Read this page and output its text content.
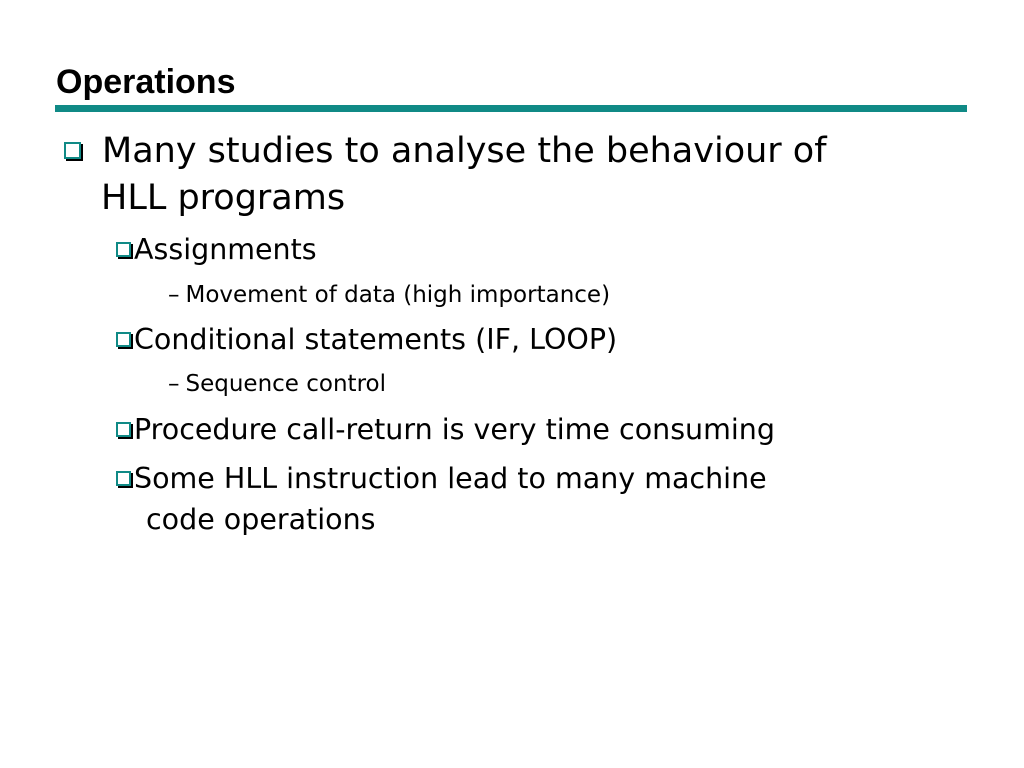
Operations
Many studies to analyse the behaviour of
HLL programs
Assignments
– Movement of data (high importance)
Conditional statements (IF, LOOP)
– Sequence control
Procedure call-return is very time consuming
Some HLL instruction lead to many machine
code operations
